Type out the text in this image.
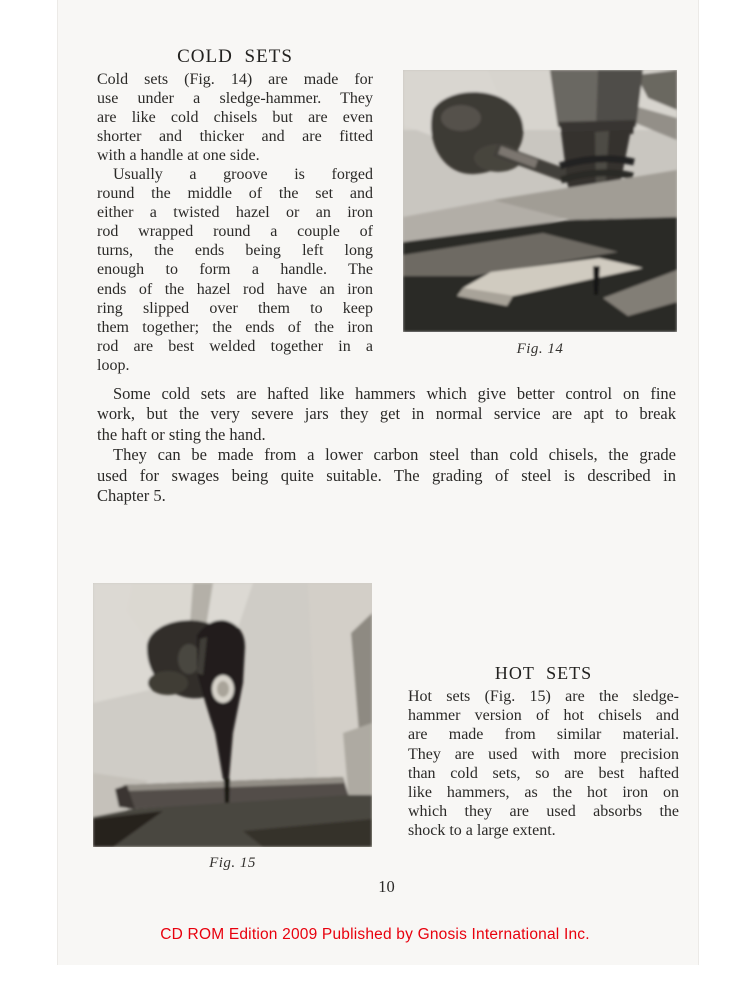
COLD SETS
Cold sets (Fig. 14) are made for
use under a sledge-hammer. They
are like cold chisels but are even
shorter and thicker and are fitted
with a handle at one side.
Usually a groove is forged
round the middle of the set and
either a twisted hazel or an iron
rod wrapped round a couple of
turns, the ends being left long
enough to form a handle. The
ends of the hazel rod have an iron
ring slipped over them to keep
them together; the ends of the iron
rod are best welded together in a
loop.
Fig. 14
Some cold sets are hafted like hammers which give better control on fine
work, but the very severe jars they get in normal service are apt to break
the haft or sting the hand.
They can be made from a lower carbon steel than cold chisels, the grade
used for swages being quite suitable. The grading of steel is described in
Chapter 5.
Fig. 15
HOT SETS
Hot sets (Fig. 15) are the sledge-
hammer version of hot chisels and
are made from similar material.
They are used with more precision
than cold sets, so are best hafted
like hammers, as the hot iron on
which they are used absorbs the
shock to a large extent.
10
CD ROM Edition 2009 Published by Gnosis International Inc.
